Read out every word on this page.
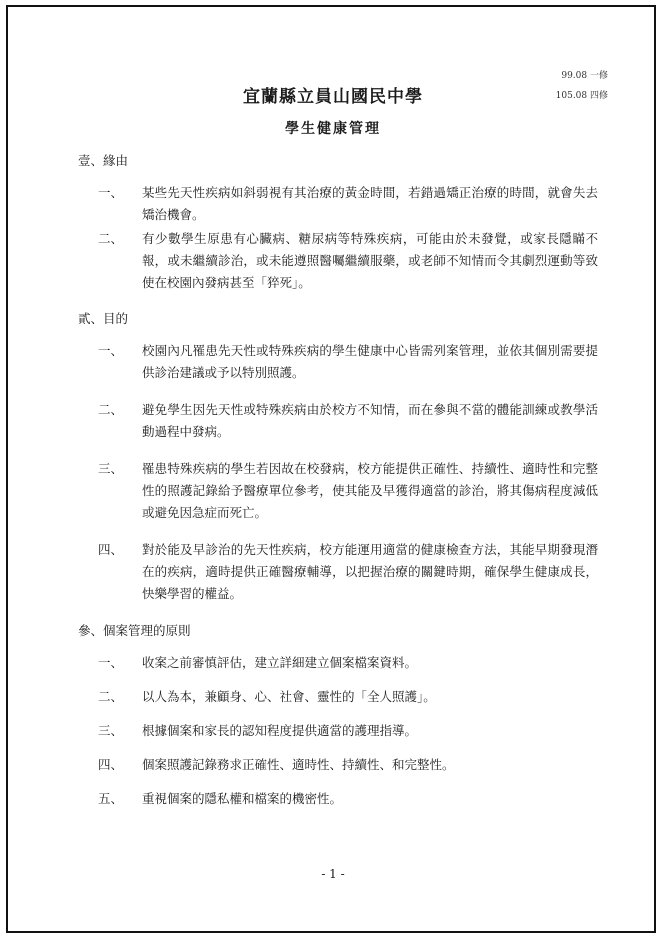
99.08 一修
105.08 四修
宜蘭縣立員山國民中學
學生健康管理
壹、緣由
一、	某些先天性疾病如斜弱視有其治療的黃金時間，若錯過矯正治療的時間，就會失去矯治機會。
二、	有少數學生原患有心臟病、糖尿病等特殊疾病，可能由於未發覺，或家長隱瞞不報，或未繼續診治，或未能遵照醫囑繼續服藥，或老師不知情而令其劇烈運動等致使在校園內發病甚至「猝死」。
貳、目的
一、	校園內凡罹患先天性或特殊疾病的學生健康中心皆需列案管理，並依其個別需要提供診治建議或予以特別照護。
二、	避免學生因先天性或特殊疾病由於校方不知情，而在參與不當的體能訓練或教學活動過程中發病。
三、	罹患特殊疾病的學生若因故在校發病，校方能提供正確性、持續性、適時性和完整性的照護記錄給予醫療單位參考，使其能及早獲得適當的診治，將其傷病程度減低或避免因急症而死亡。
四、	對於能及早診治的先天性疾病，校方能運用適當的健康檢查方法，其能早期發現潛在的疾病，適時提供正確醫療輔導，以把握治療的關鍵時期，確保學生健康成長，快樂學習的權益。
參、個案管理的原則
一、	收案之前審慎評估，建立詳細建立個案檔案資料。
二、	以人為本，兼顧身、心、社會、靈性的「全人照護」。
三、	根據個案和家長的認知程度提供適當的護理指導。
四、	個案照護記錄務求正確性、適時性、持續性、和完整性。
五、	重視個案的隱私權和檔案的機密性。
- 1 -
